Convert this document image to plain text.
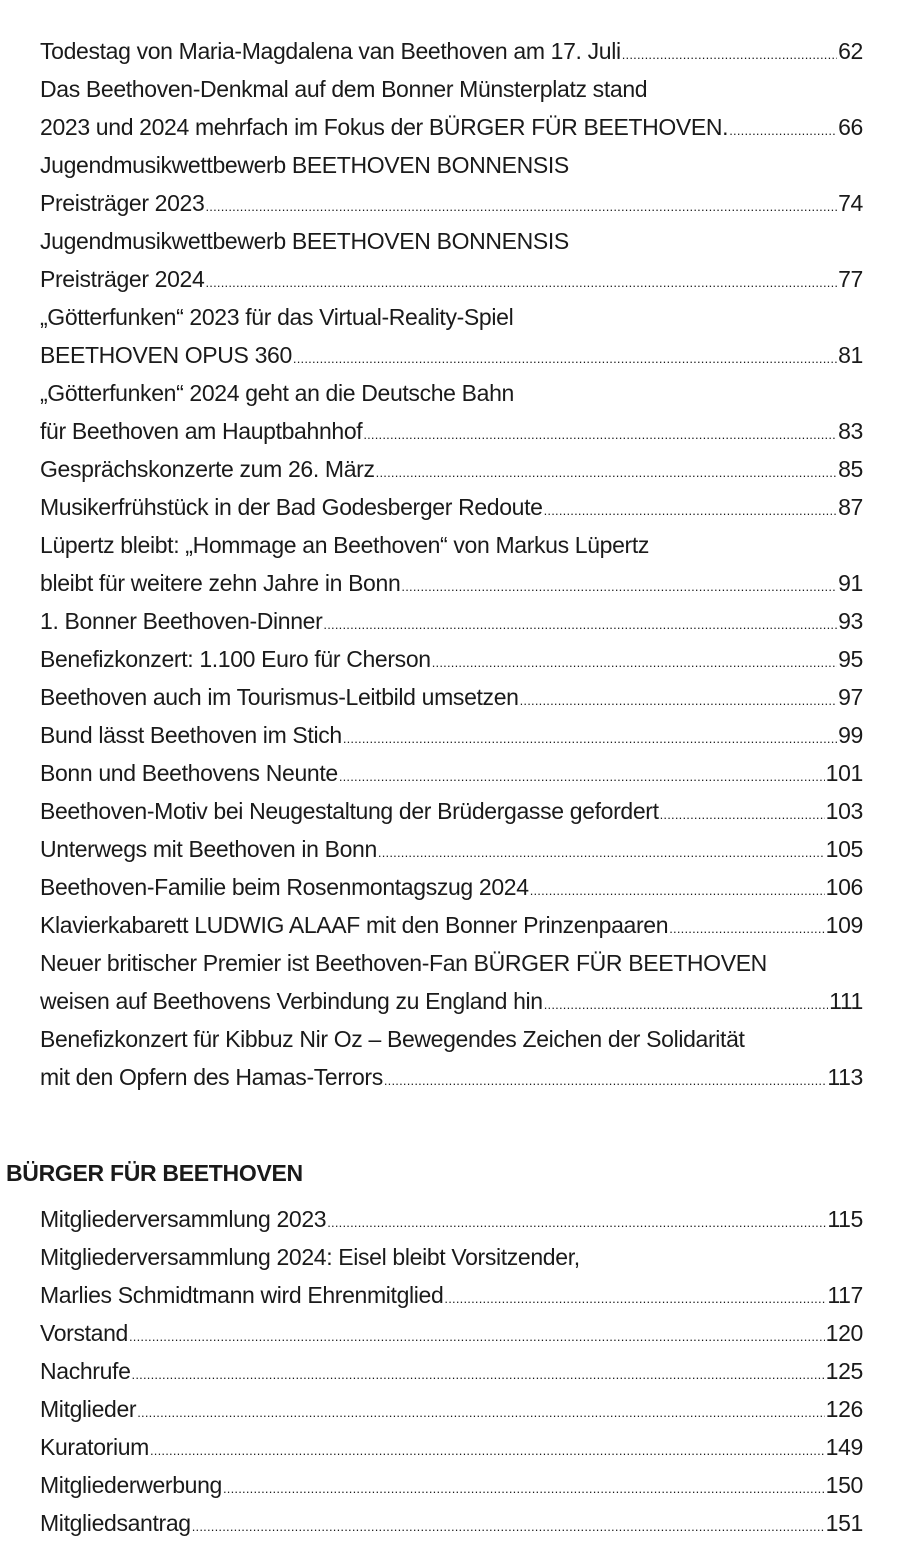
Todestag von Maria-Magdalena van Beethoven am 17. Juli .....	62
Das Beethoven-Denkmal auf dem Bonner Münsterplatz stand
2023 und 2024 mehrfach im Fokus der BÜRGER FÜR BEETHOVEN. .....	66
Jugendmusikwettbewerb BEETHOVEN BONNENSIS
Preisträger 2023 .....	74
Jugendmusikwettbewerb BEETHOVEN BONNENSIS
Preisträger 2024 .....	77
„Götterfunken“ 2023 für das Virtual-Reality-Spiel
BEETHOVEN OPUS 360 .....	81
„Götterfunken“ 2024 geht an die Deutsche Bahn
für Beethoven am Hauptbahnhof .....	83
Gesprächskonzerte zum 26. März .....	85
Musikerfrühstück in der Bad Godesberger Redoute .....	87
Lüpertz bleibt: „Hommage an Beethoven“ von Markus Lüpertz
bleibt für weitere zehn Jahre in Bonn .....	91
1. Bonner Beethoven-Dinner .....	93
Benefizkonzert: 1.100 Euro für Cherson .....	95
Beethoven auch im Tourismus-Leitbild umsetzen .....	97
Bund lässt Beethoven im Stich .....	99
Bonn und Beethovens Neunte .....	101
Beethoven-Motiv bei Neugestaltung der Brüdergasse gefordert .....	103
Unterwegs mit Beethoven in Bonn .....	105
Beethoven-Familie beim Rosenmontagszug 2024 .....	106
Klavierkabarett LUDWIG ALAAF mit den Bonner Prinzenpaaren .....	109
Neuer britischer Premier ist Beethoven-Fan BÜRGER FÜR BEETHOVEN
weisen auf Beethovens Verbindung zu England hin .....	111
Benefizkonzert für Kibbuz Nir Oz – Bewegendes Zeichen der Solidarität
mit den Opfern des Hamas-Terrors .....	113
BÜRGER FÜR BEETHOVEN
Mitgliederversammlung 2023 .....	115
Mitgliederversammlung 2024: Eisel bleibt Vorsitzender,
Marlies Schmidtmann wird Ehrenmitglied .....	117
Vorstand .....	120
Nachrufe .....	125
Mitglieder .....	126
Kuratorium .....	149
Mitgliederwerbung .....	150
Mitgliedsantrag .....	151
